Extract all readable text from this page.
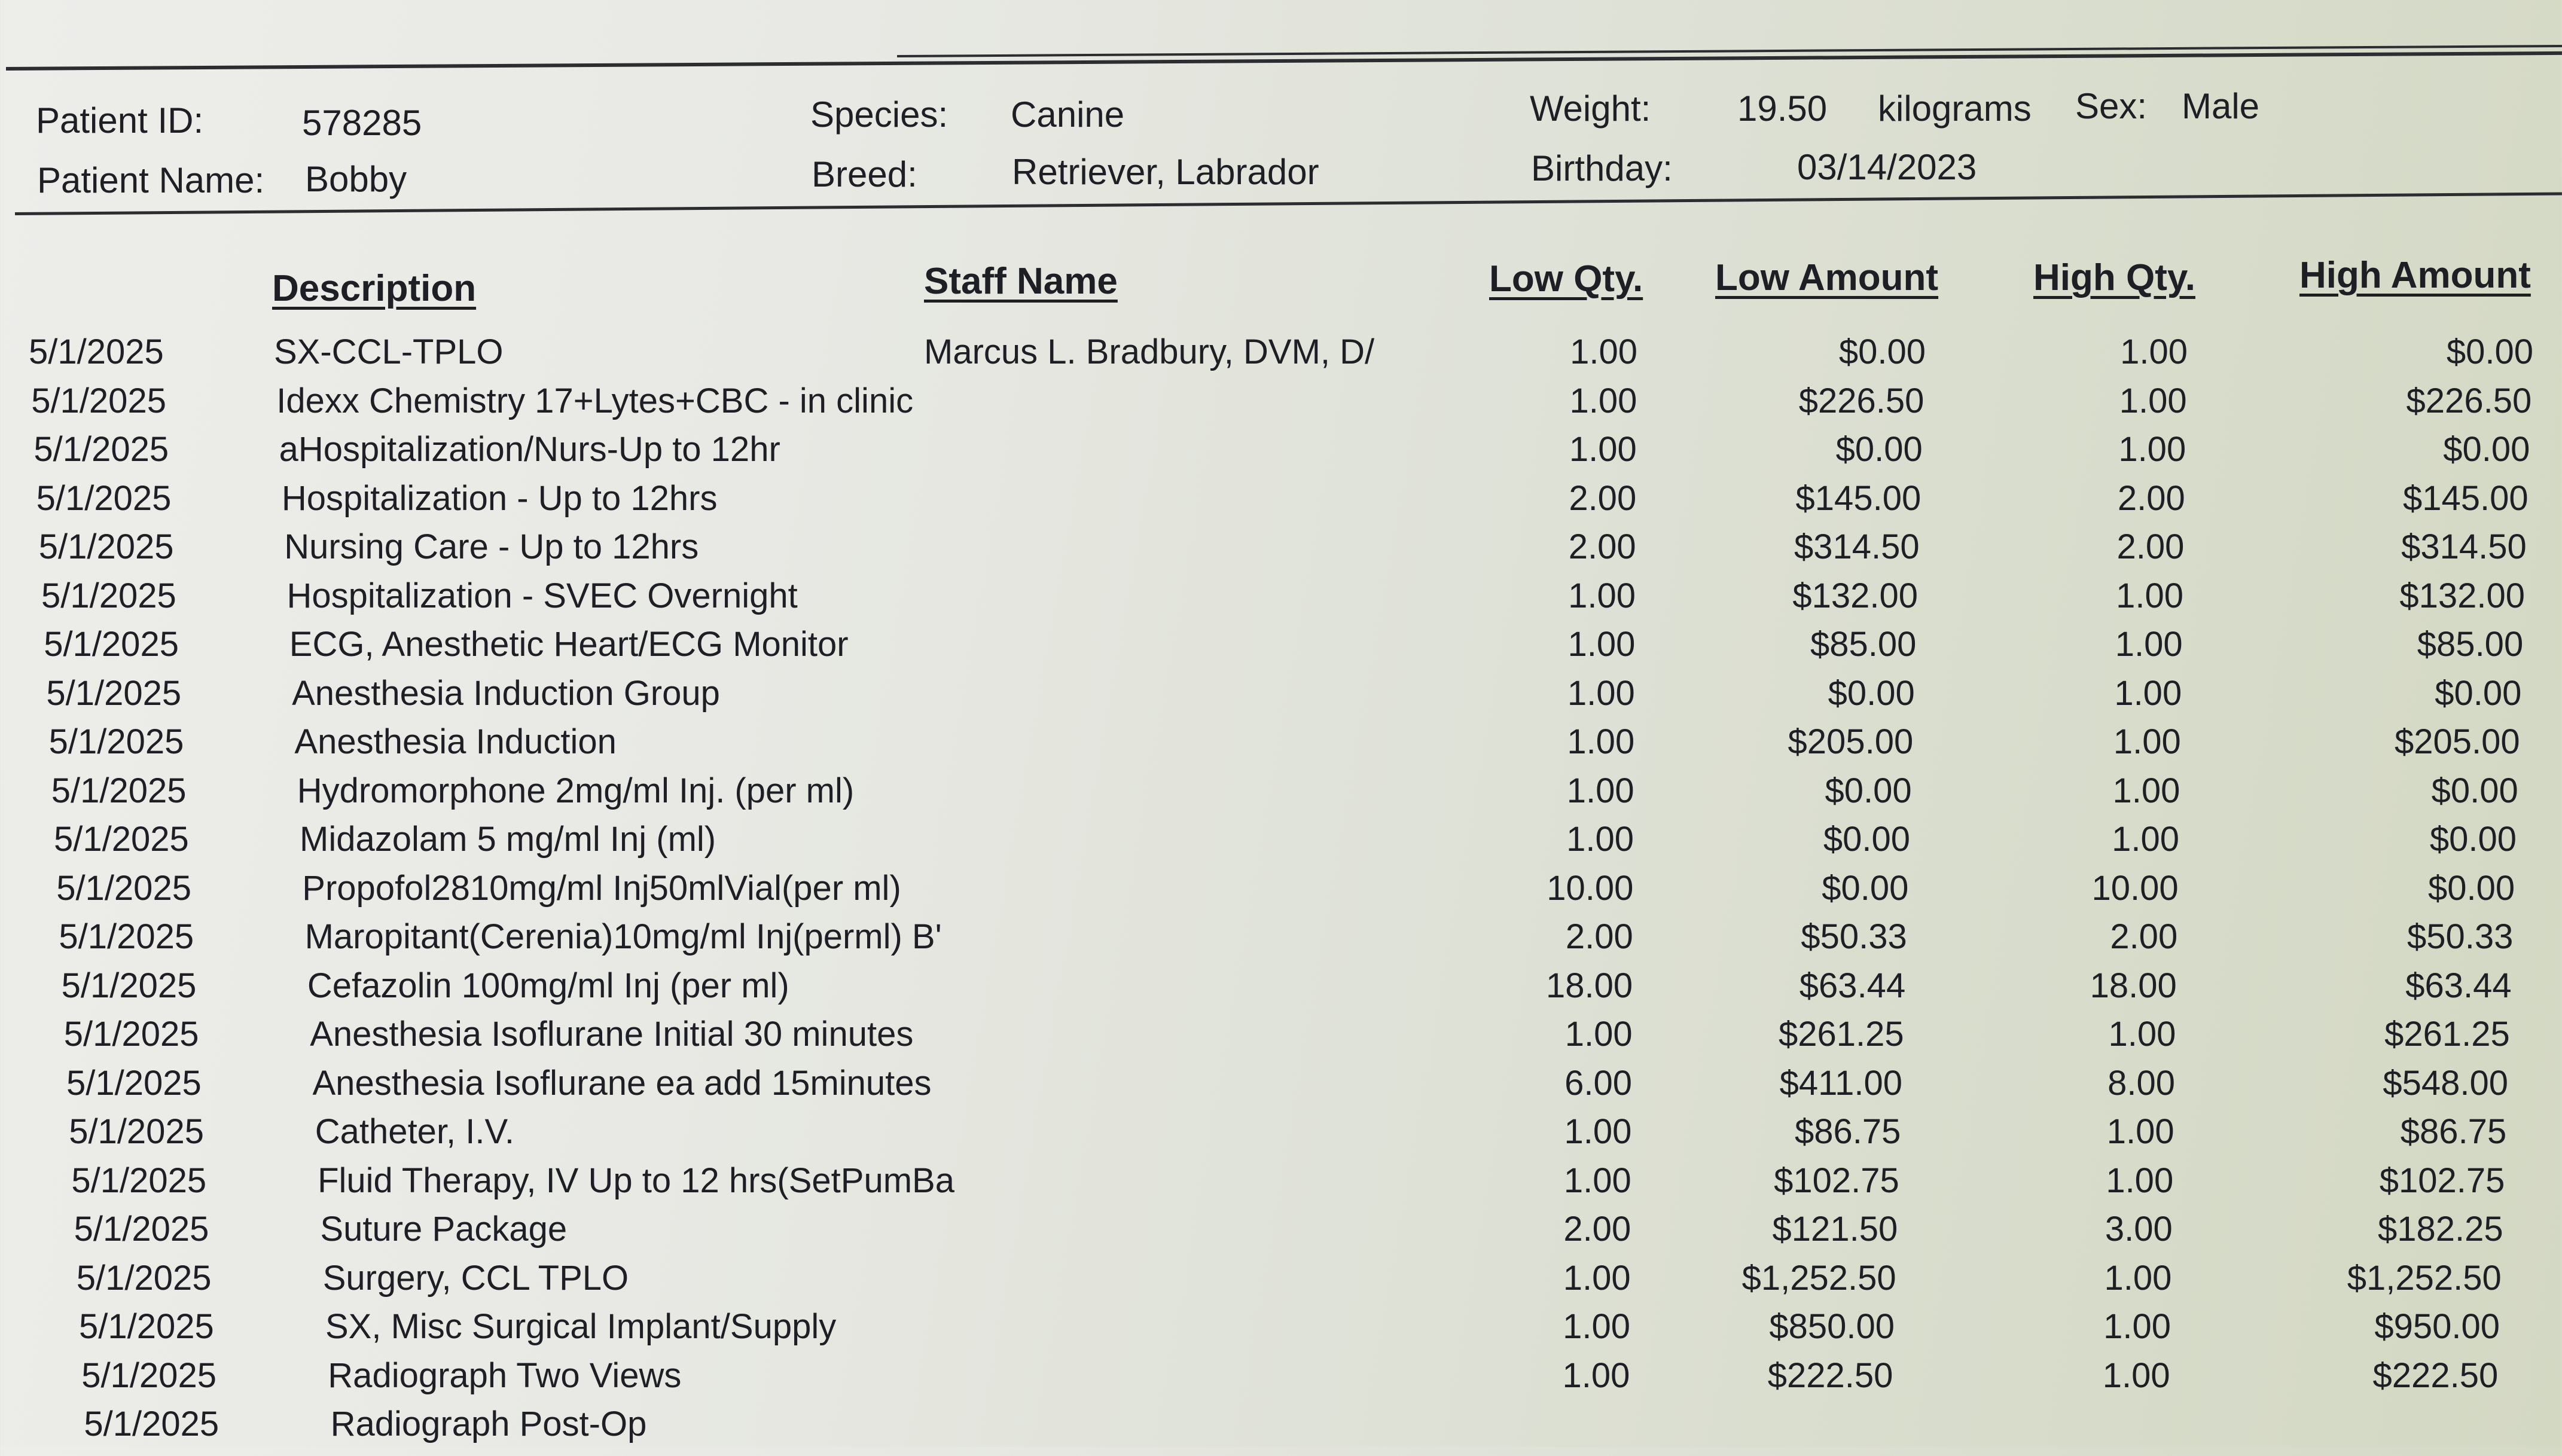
Patient ID:	578285
Patient Name: Bobby
Species: Canine
Breed:	Retriever, Labrador
Weight: 19.50 kilograms Sex: Male
Birthday:	03/14/2023
Description	Staff Name	Low Qty. Low Amount	High Qty.	High Amount
5/1/2025	SX-CCL-TPLO	Marcus L. Bradbury, DVM, D/	1.00	$0.00	1.00	$0.00
5/1/2025	Idexx Chemistry 17+Lytes+CBC - in clinic	1.00	$226.50	1.00	$226.50
5/1/2025	aHospitalization/Nurs-Up to 12hr	1.00	$0.00	1.00	$0.00
5/1/2025	Hospitalization - Up to 12hrs	2.00	$145.00	2.00	$145.00
5/1/2025	Nursing Care - Up to 12hrs	2.00	$314.50	2.00	$314.50
5/1/2025	Hospitalization - SVEC Overnight	1.00	$132.00	1.00	$132.00
5/1/2025	ECG, Anesthetic Heart/ECG Monitor	1.00	$85.00	1.00	$85.00
5/1/2025	Anesthesia Induction Group	1.00	$0.00	1.00	$0.00
5/1/2025	Anesthesia Induction	1.00	$205.00	1.00	$205.00
5/1/2025	Hydromorphone 2mg/ml Inj. (per ml)	1.00	$0.00	1.00	$0.00
5/1/2025	Midazolam 5 mg/ml Inj (ml)	1.00	$0.00	1.00	$0.00
5/1/2025	Propofol2810mg/ml Inj50mlVial(per ml)	10.00	$0.00	10.00	$0.00
5/1/2025	Maropitant(Cerenia)10mg/ml Inj(perml) B'	2.00	$50.33	2.00	$50.33
5/1/2025	Cefazolin 100mg/ml Inj (per ml)	18.00	$63.44	18.00	$63.44
5/1/2025	Anesthesia Isoflurane Initial 30 minutes	1.00	$261.25	1.00	$261.25
5/1/2025	Anesthesia Isoflurane ea add 15minutes	6.00	$411.00	8.00	$548.00
5/1/2025	Catheter, I.V.	1.00	$86.75	1.00	$86.75
5/1/2025	Fluid Therapy, IV Up to 12 hrs(SetPumBa	1.00	$102.75	1.00	$102.75
5/1/2025	Suture Package	2.00	$121.50	3.00	$182.25
5/1/2025	Surgery, CCL TPLO	1.00	$1,252.50	1.00	$1,252.50
5/1/2025	SX, Misc Surgical Implant/Supply	1.00	$850.00	1.00	$950.00
5/1/2025	Radiograph Two Views	1.00	$222.50	1.00	$222.50
5/1/2025	Radiograph Post-Op
